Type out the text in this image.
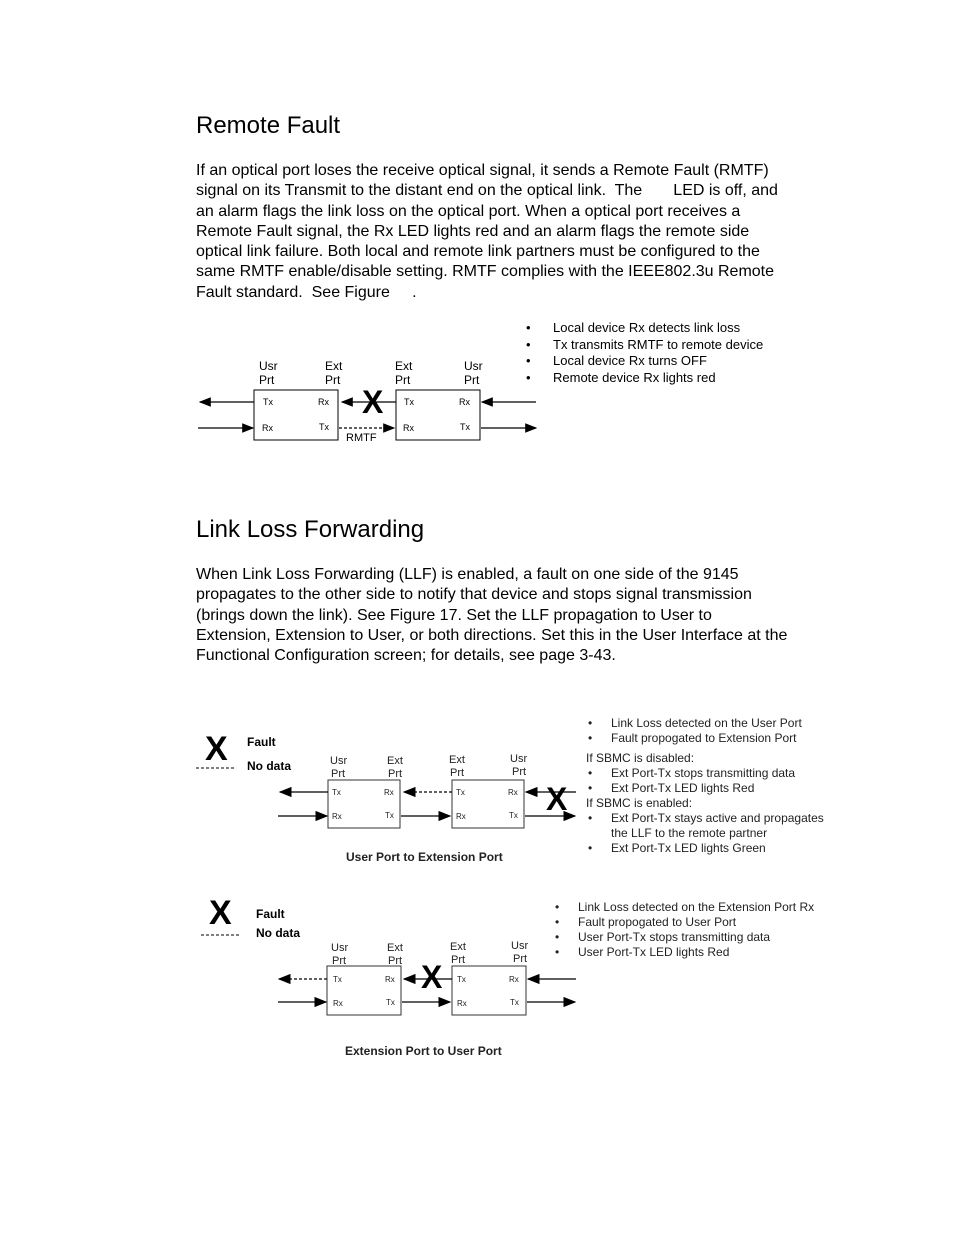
Remote Fault
If an optical port loses the receive optical signal, it sends a Remote Fault (RMTF)
signal on its Transmit to the distant end on the optical link.  The       LED is off, and
an alarm flags the link loss on the optical port. When a optical port receives a
Remote Fault signal, the Rx LED lights red and an alarm flags the remote side
optical link failure. Both local and remote link partners must be configured to the
same RMTF enable/disable setting. RMTF complies with the IEEE802.3u Remote
Fault standard.  See Figure     .
• Local device Rx detects link loss
• Tx transmits RMTF to remote device
• Local device Rx turns OFF
• Remote device Rx lights red
Usr
Prt
Ext
Prt
Ext
Prt
Usr
Prt
Tx
Rx
Rx
Tx
Tx
Rx
Rx
Tx
X
RMTF
Link Loss Forwarding
When Link Loss Forwarding (LLF) is enabled, a fault on one side of the 9145
propagates to the other side to notify that device and stops signal transmission
(brings down the link). See Figure 17. Set the LLF propagation to User to
Extension, Extension to User, or both directions. Set this in the User Interface at the
Functional Configuration screen; for details, see page 3-43.
• Link Loss detected on the User Port
• Fault propogated to Extension Port
If SBMC is disabled:
• Ext Port-Tx stops transmitting data
• Ext Port-Tx LED lights Red
If SBMC is enabled:
• Ext Port-Tx stays active and propagates
the LLF to the remote partner
• Ext Port-Tx LED lights Green
• Link Loss detected on the Extension Port Rx
• Fault propogated to User Port
• User Port-Tx stops transmitting data
• User Port-Tx LED lights Red
X Fault
No data	Usr
Prt
Ext
Prt
Ext
Prt
Usr
Prt
Tx
Rx
Rx
Tx
Tx
Rx
Rx
Tx X
User Port to Extension Port
X Fault
No data
Usr
Prt
Ext
Prt
Ext
Prt
Usr
Prt
Tx
Rx
Rx
Tx
Tx
Rx
Rx
Tx
X
Extension Port to User Port
